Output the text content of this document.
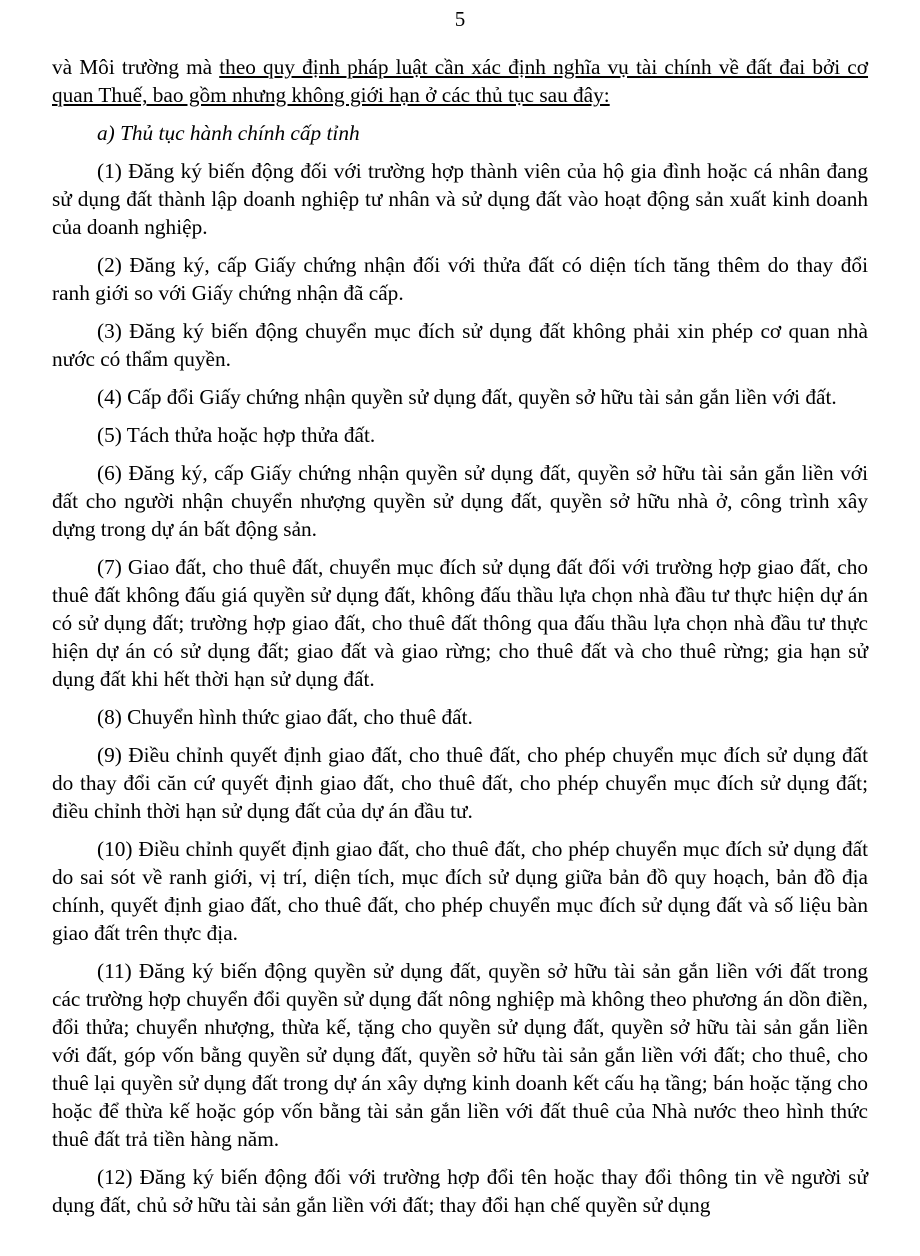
5

và Môi trường mà theo quy định pháp luật cần xác định nghĩa vụ tài chính về đất đai bởi cơ quan Thuế, bao gồm nhưng không giới hạn ở các thủ tục sau đây:

a) Thủ tục hành chính cấp tỉnh

(1) Đăng ký biến động đối với trường hợp thành viên của hộ gia đình hoặc cá nhân đang sử dụng đất thành lập doanh nghiệp tư nhân và sử dụng đất vào hoạt động sản xuất kinh doanh của doanh nghiệp.

(2) Đăng ký, cấp Giấy chứng nhận đối với thửa đất có diện tích tăng thêm do thay đổi ranh giới so với Giấy chứng nhận đã cấp.

(3) Đăng ký biến động chuyển mục đích sử dụng đất không phải xin phép cơ quan nhà nước có thẩm quyền.

(4) Cấp đổi Giấy chứng nhận quyền sử dụng đất, quyền sở hữu tài sản gắn liền với đất.

(5) Tách thửa hoặc hợp thửa đất.

(6) Đăng ký, cấp Giấy chứng nhận quyền sử dụng đất, quyền sở hữu tài sản gắn liền với đất cho người nhận chuyển nhượng quyền sử dụng đất, quyền sở hữu nhà ở, công trình xây dựng trong dự án bất động sản.

(7) Giao đất, cho thuê đất, chuyển mục đích sử dụng đất đối với trường hợp giao đất, cho thuê đất không đấu giá quyền sử dụng đất, không đấu thầu lựa chọn nhà đầu tư thực hiện dự án có sử dụng đất; trường hợp giao đất, cho thuê đất thông qua đấu thầu lựa chọn nhà đầu tư thực hiện dự án có sử dụng đất; giao đất và giao rừng; cho thuê đất và cho thuê rừng; gia hạn sử dụng đất khi hết thời hạn sử dụng đất.

(8) Chuyển hình thức giao đất, cho thuê đất.

(9) Điều chỉnh quyết định giao đất, cho thuê đất, cho phép chuyển mục đích sử dụng đất do thay đổi căn cứ quyết định giao đất, cho thuê đất, cho phép chuyển mục đích sử dụng đất; điều chỉnh thời hạn sử dụng đất của dự án đầu tư.

(10) Điều chỉnh quyết định giao đất, cho thuê đất, cho phép chuyển mục đích sử dụng đất do sai sót về ranh giới, vị trí, diện tích, mục đích sử dụng giữa bản đồ quy hoạch, bản đồ địa chính, quyết định giao đất, cho thuê đất, cho phép chuyển mục đích sử dụng đất và số liệu bàn giao đất trên thực địa.

(11) Đăng ký biến động quyền sử dụng đất, quyền sở hữu tài sản gắn liền với đất trong các trường hợp chuyển đổi quyền sử dụng đất nông nghiệp mà không theo phương án dồn điền, đổi thửa; chuyển nhượng, thừa kế, tặng cho quyền sử dụng đất, quyền sở hữu tài sản gắn liền với đất, góp vốn bằng quyền sử dụng đất, quyền sở hữu tài sản gắn liền với đất; cho thuê, cho thuê lại quyền sử dụng đất trong dự án xây dựng kinh doanh kết cấu hạ tầng; bán hoặc tặng cho hoặc để thừa kế hoặc góp vốn bằng tài sản gắn liền với đất thuê của Nhà nước theo hình thức thuê đất trả tiền hàng năm.

(12) Đăng ký biến động đối với trường hợp đổi tên hoặc thay đổi thông tin về người sử dụng đất, chủ sở hữu tài sản gắn liền với đất; thay đổi hạn chế quyền sử dụng
